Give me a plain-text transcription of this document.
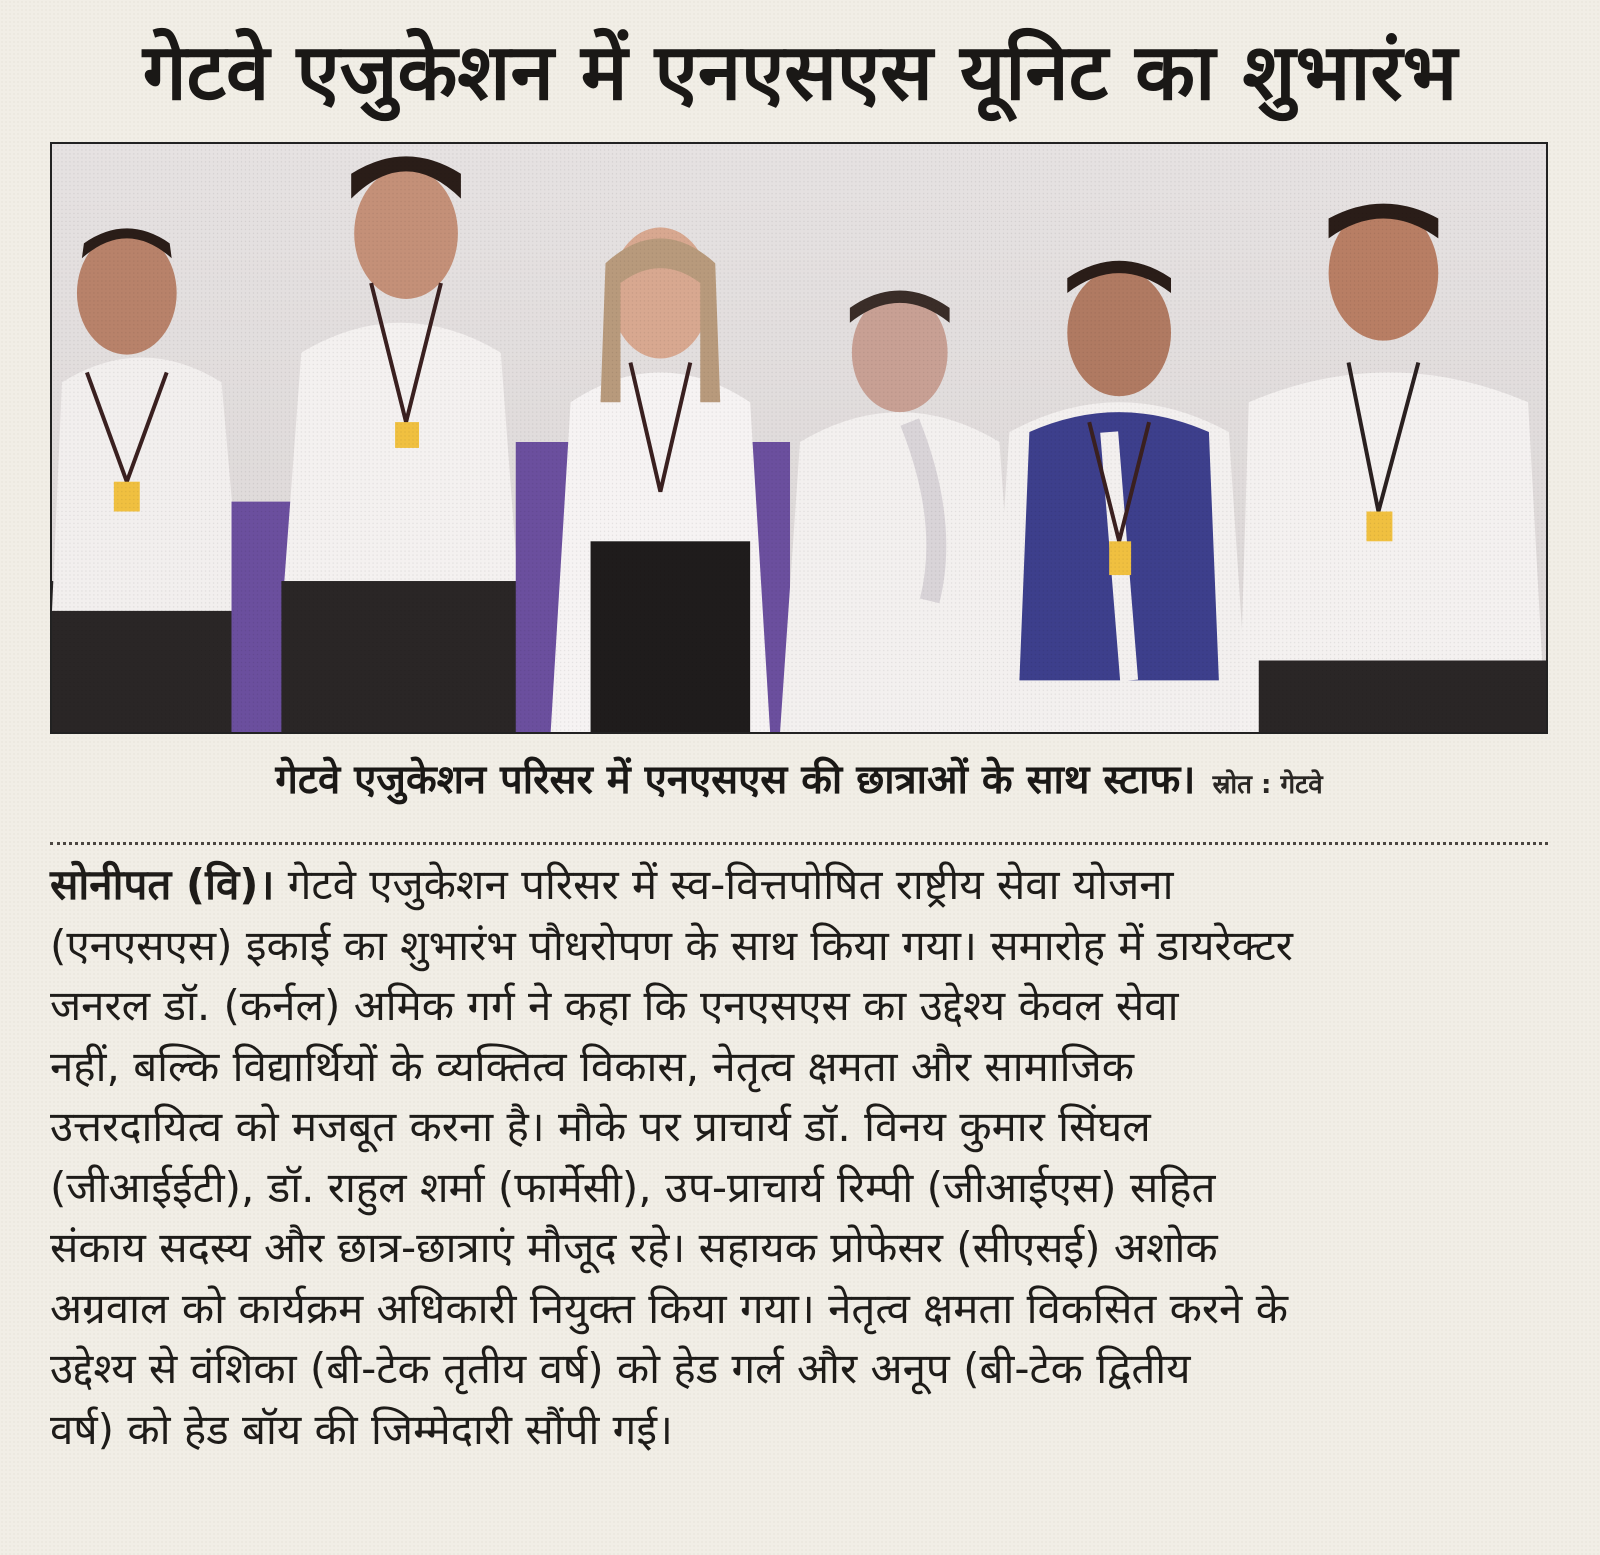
गेटवे एजुकेशन में एनएसएस यूनिट का शुभारंभ
गेटवे एजुकेशन परिसर में एनएसएस की छात्राओं के साथ स्टाफ। स्रोत : गेटवे
सोनीपत (वि)। गेटवे एजुकेशन परिसर में स्व-वित्तपोषित राष्ट्रीय सेवा योजना
(एनएसएस) इकाई का शुभारंभ पौधरोपण के साथ किया गया। समारोह में डायरेक्टर
जनरल डॉ. (कर्नल) अमिक गर्ग ने कहा कि एनएसएस का उद्देश्य केवल सेवा
नहीं, बल्कि विद्यार्थियों के व्यक्तित्व विकास, नेतृत्व क्षमता और सामाजिक
उत्तरदायित्व को मजबूत करना है। मौके पर प्राचार्य डॉ. विनय कुमार सिंघल
(जीआईईटी), डॉ. राहुल शर्मा (फार्मेसी), उप-प्राचार्य रिम्पी (जीआईएस) सहित
संकाय सदस्य और छात्र-छात्राएं मौजूद रहे। सहायक प्रोफेसर (सीएसई) अशोक
अग्रवाल को कार्यक्रम अधिकारी नियुक्त किया गया। नेतृत्व क्षमता विकसित करने के
उद्देश्य से वंशिका (बी-टेक तृतीय वर्ष) को हेड गर्ल और अनूप (बी-टेक द्वितीय
वर्ष) को हेड बॉय की जिम्मेदारी सौंपी गई।
